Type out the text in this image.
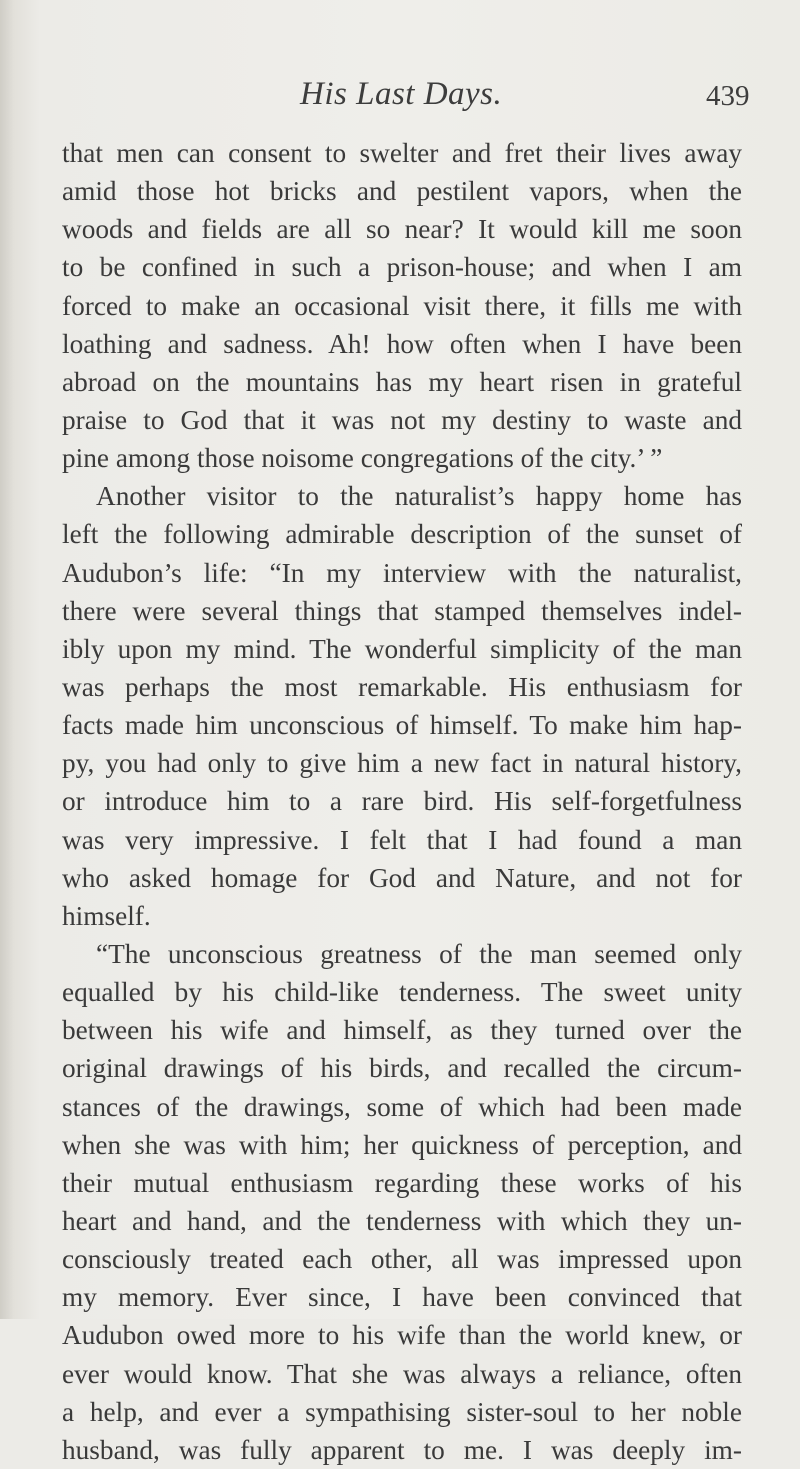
His Last Days.	439
that men can consent to swelter and fret their lives away
amid those hot bricks and pestilent vapors, when the
woods and fields are all so near? It would kill me soon
to be confined in such a prison-house; and when I am
forced to make an occasional visit there, it fills me with
loathing and sadness. Ah! how often when I have been
abroad on the mountains has my heart risen in grateful
praise to God that it was not my destiny to waste and
pine among those noisome congregations of the city.’ ”
Another visitor to the naturalist’s happy home has
left the following admirable description of the sunset of
Audubon’s life: “In my interview with the naturalist,
there were several things that stamped themselves indel-
ibly upon my mind. The wonderful simplicity of the man
was perhaps the most remarkable. His enthusiasm for
facts made him unconscious of himself. To make him hap-
py, you had only to give him a new fact in natural history,
or introduce him to a rare bird. His self-forgetfulness
was very impressive. I felt that I had found a man
who asked homage for God and Nature, and not for
himself.
“The unconscious greatness of the man seemed only
equalled by his child-like tenderness. The sweet unity
between his wife and himself, as they turned over the
original drawings of his birds, and recalled the circum-
stances of the drawings, some of which had been made
when she was with him; her quickness of perception, and
their mutual enthusiasm regarding these works of his
heart and hand, and the tenderness with which they un-
consciously treated each other, all was impressed upon
my memory. Ever since, I have been convinced that
Audubon owed more to his wife than the world knew, or
ever would know. That she was always a reliance, often
a help, and ever a sympathising sister-soul to her noble
husband, was fully apparent to me. I was deeply im-
